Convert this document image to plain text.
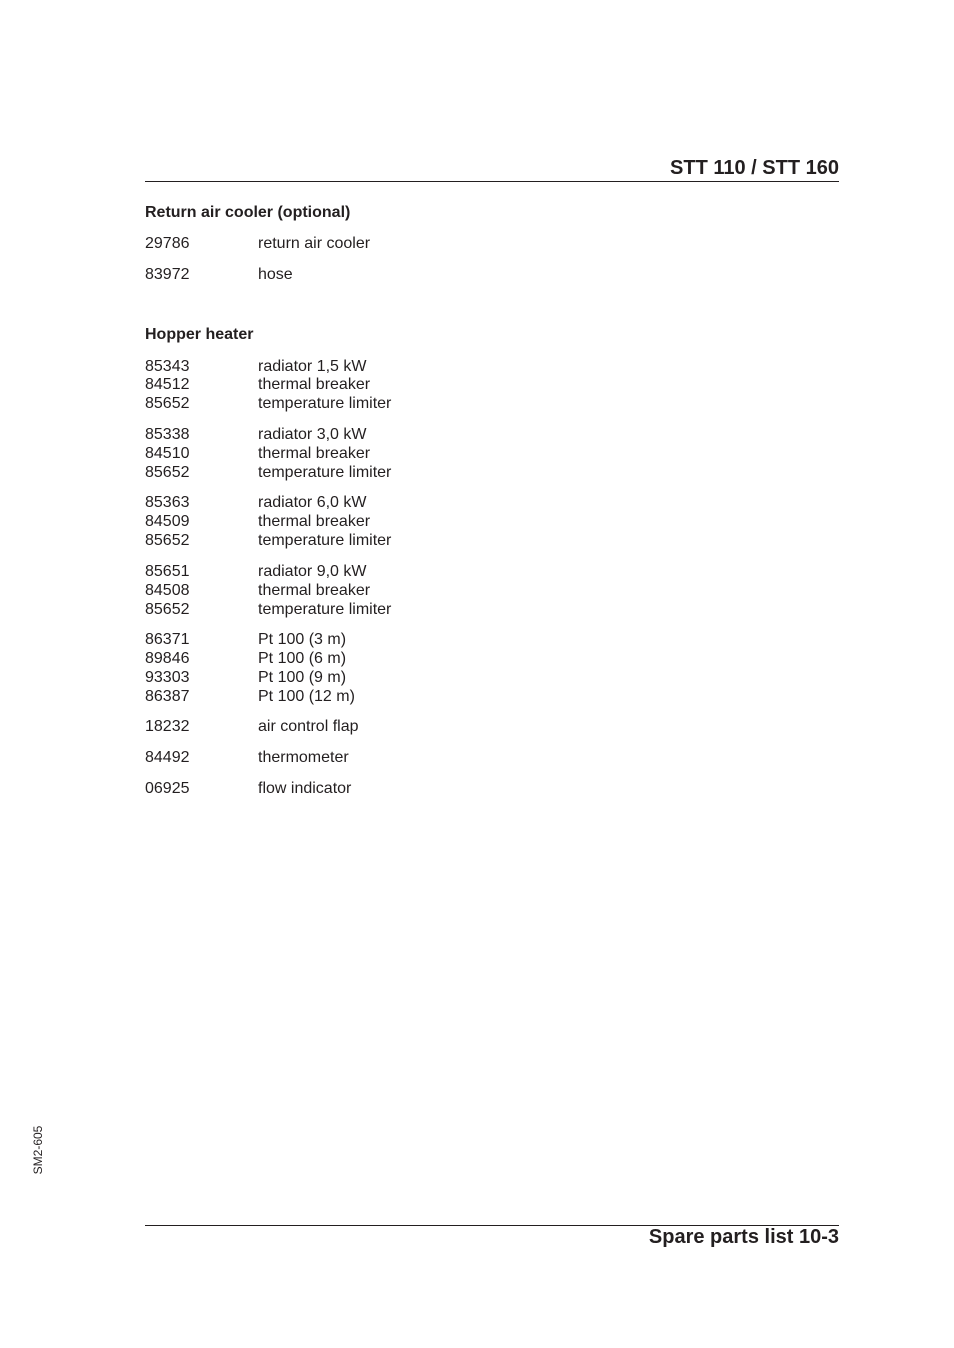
STT 110 / STT 160
Return air cooler (optional)
29786	return air cooler
83972	hose
Hopper heater
85343	radiator 1,5 kW
84512	thermal breaker
85652	temperature limiter
85338	radiator 3,0 kW
84510	thermal breaker
85652	temperature limiter
85363	radiator 6,0 kW
84509	thermal breaker
85652	temperature limiter
85651	radiator 9,0 kW
84508	thermal breaker
85652	temperature limiter
86371	Pt 100 (3 m)
89846	Pt 100 (6 m)
93303	Pt 100 (9 m)
86387	Pt 100 (12 m)
18232	air control flap
84492	thermometer
06925	flow indicator
SM2-605
Spare parts list 10-3
